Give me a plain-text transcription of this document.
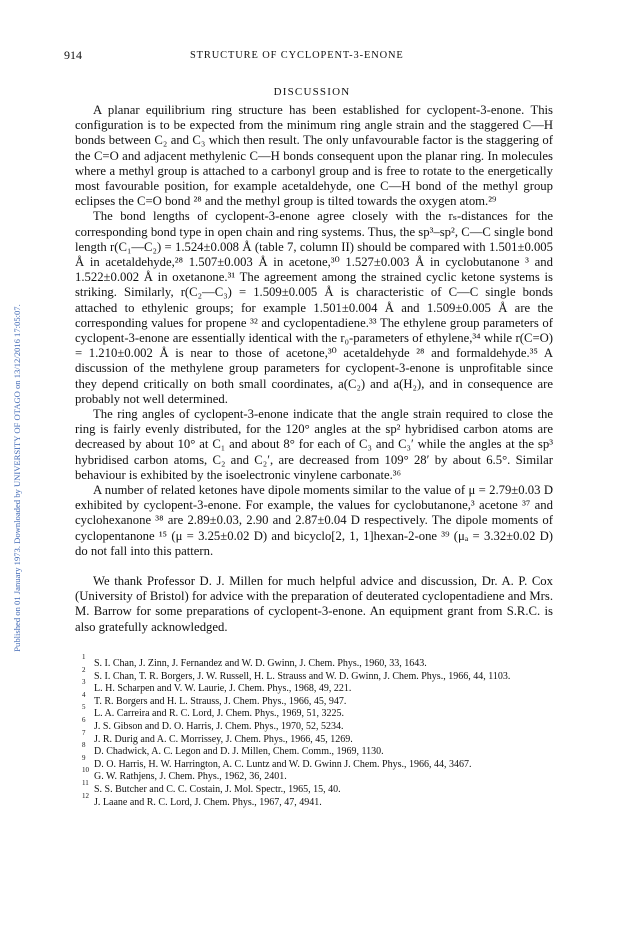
Published on 01 January 1973. Downloaded by UNIVERSITY OF OTAGO on 13/12/2016 17:05:07.
914	STRUCTURE OF CYCLOPENT-3-ENONE
DISCUSSION

A planar equilibrium ring structure has been established for cyclopent-3-enone. This configuration is to be expected from the minimum ring angle strain and the staggered C—H bonds between C₂ and C₃ which then result. The only unfavourable factor is the staggering of the C=O and adjacent methylenic C—H bonds consequent upon the planar ring. In molecules where a methyl group is attached to a carbonyl group and is free to rotate to the energetically most favourable position, for example acetaldehyde, one C—H bond of the methyl group eclipses the C=O bond ²⁸ and the methyl group is tilted towards the oxygen atom.²⁹

The bond lengths of cyclopent-3-enone agree closely with the rₛ-distances for the corresponding bond type in open chain and ring systems. Thus, the sp³–sp², C—C single bond length r(C₁—C₂) = 1.524±0.008 Å (table 7, column II) should be compared with 1.501±0.005 Å in acetaldehyde,²⁸ 1.507±0.003 Å in acetone,³⁰ 1.527±0.003 Å in cyclobutanone ³ and 1.522±0.002 Å in oxetanone.³¹ The agreement among the strained cyclic ketone systems is striking. Similarly, r(C₂—C₃) = 1.509±0.005 Å is characteristic of C—C single bonds attached to ethylenic groups; for example 1.501±0.004 Å and 1.509±0.005 Å are the corresponding values for propene ³² and cyclopentadiene.³³ The ethylene group parameters of cyclopent-3-enone are essentially identical with the r₀-parameters of ethylene,³⁴ while r(C=O) = 1.210±0.002 Å is near to those of acetone,³⁰ acetaldehyde ²⁸ and formaldehyde.³⁵ A discussion of the methylene group parameters for cyclopent-3-enone is unprofitable since they depend critically on both small coordinates, a(C₂) and a(H₂), and in consequence are probably not well determined.

The ring angles of cyclopent-3-enone indicate that the angle strain required to close the ring is fairly evenly distributed, for the 120° angles at the sp² hybridised carbon atoms are decreased by about 10° at C₁ and about 8° for each of C₃ and C₃′ while the angles at the sp³ hybridised carbon atoms, C₂ and C₂′, are decreased from 109° 28′ by about 6.5°. Similar behaviour is exhibited by the isoelectronic vinylene carbonate.³⁶

A number of related ketones have dipole moments similar to the value of μ = 2.79±0.03 D exhibited by cyclopent-3-enone. For example, the values for cyclobutanone,³ acetone ³⁷ and cyclohexanone ³⁸ are 2.89±0.03, 2.90 and 2.87±0.04 D respectively. The dipole moments of cyclopentanone ¹⁵ (μ = 3.25±0.02 D) and bicyclo[2, 1, 1]hexan-2-one ³⁹ (μₐ = 3.32±0.02 D) do not fall into this pattern.

We thank Professor D. J. Millen for much helpful advice and discussion, Dr. A. P. Cox (University of Bristol) for advice with the preparation of deuterated cyclopentadiene and Mrs. M. Barrow for some preparations of cyclopent-3-enone. An equipment grant from S.R.C. is also gratefully acknowledged.

1
S. I. Chan, J. Zinn, J. Fernandez and W. D. Gwinn, J. Chem. Phys., 1960, 33, 1643.
2
S. I. Chan, T. R. Borgers, J. W. Russell, H. L. Strauss and W. D. Gwinn, J. Chem. Phys., 1966, 44, 1103.
3
L. H. Scharpen and V. W. Laurie, J. Chem. Phys., 1968, 49, 221.
4
T. R. Borgers and H. L. Strauss, J. Chem. Phys., 1966, 45, 947.
5
L. A. Carreira and R. C. Lord, J. Chem. Phys., 1969, 51, 3225.
6
J. S. Gibson and D. O. Harris, J. Chem. Phys., 1970, 52, 5234.
7
J. R. Durig and A. C. Morrissey, J. Chem. Phys., 1966, 45, 1269.
8
D. Chadwick, A. C. Legon and D. J. Millen, Chem. Comm., 1969, 1130.
9
D. O. Harris, H. W. Harrington, A. C. Luntz and W. D. Gwinn J. Chem. Phys., 1966, 44, 3467.
10
G. W. Rathjens, J. Chem. Phys., 1962, 36, 2401.
11
S. S. Butcher and C. C. Costain, J. Mol. Spectr., 1965, 15, 40.
12
J. Laane and R. C. Lord, J. Chem. Phys., 1967, 47, 4941.
